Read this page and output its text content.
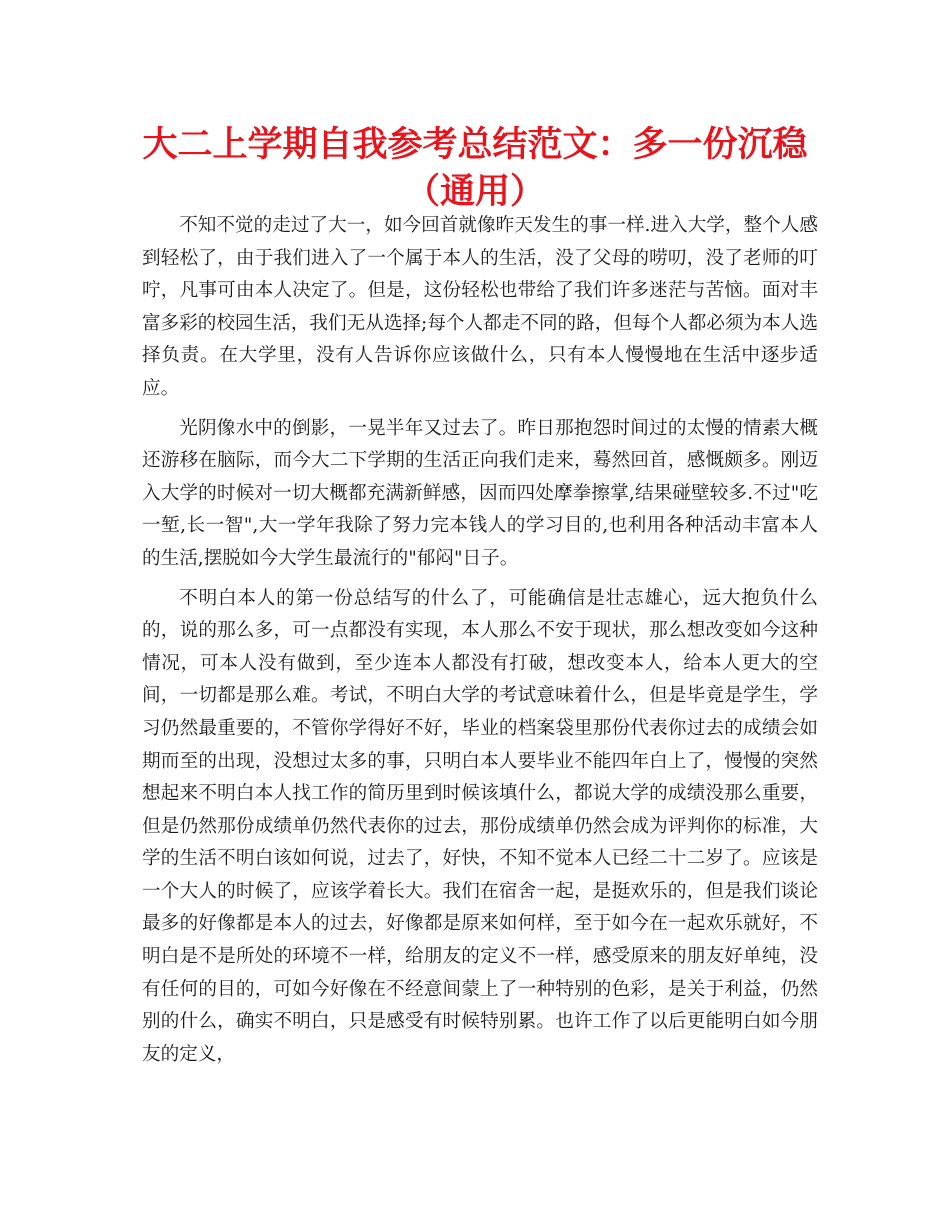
大二上学期自我参考总结范文：多一份沉稳（通用）

不知不觉的走过了大一，如今回首就像昨天发生的事一样.进入大学，整个人感到轻松了，由于我们进入了一个属于本人的生活，没了父母的唠叨，没了老师的叮咛，凡事可由本人决定了。但是，这份轻松也带给了我们许多迷茫与苦恼。面对丰富多彩的校园生活，我们无从选择;每个人都走不同的路，但每个人都必须为本人选择负责。在大学里，没有人告诉你应该做什么，只有本人慢慢地在生活中逐步适应。

光阴像水中的倒影，一晃半年又过去了。昨日那抱怨时间过的太慢的情素大概还游移在脑际，而今大二下学期的生活正向我们走来，蓦然回首，感慨颇多。刚迈入大学的时候对一切大概都充满新鲜感，因而四处摩拳擦掌,结果碰壁较多.不过"吃一堑,长一智",大一学年我除了努力完本钱人的学习目的,也利用各种活动丰富本人的生活,摆脱如今大学生最流行的"郁闷"日子。

不明白本人的第一份总结写的什么了，可能确信是壮志雄心，远大抱负什么的，说的那么多，可一点都没有实现，本人那么不安于现状，那么想改变如今这种情况，可本人没有做到，至少连本人都没有打破，想改变本人，给本人更大的空间，一切都是那么难。考试，不明白大学的考试意味着什么，但是毕竟是学生，学习仍然最重要的，不管你学得好不好，毕业的档案袋里那份代表你过去的成绩会如期而至的出现，没想过太多的事，只明白本人要毕业不能四年白上了，慢慢的突然想起来不明白本人找工作的简历里到时候该填什么，都说大学的成绩没那么重要，但是仍然那份成绩单仍然代表你的过去，那份成绩单仍然会成为评判你的标准，大学的生活不明白该如何说，过去了，好快，不知不觉本人已经二十二岁了。应该是一个大人的时候了，应该学着长大。我们在宿舍一起，是挺欢乐的，但是我们谈论最多的好像都是本人的过去，好像都是原来如何样，至于如今在一起欢乐就好，不明白是不是所处的环境不一样，给朋友的定义不一样，感受原来的朋友好单纯，没有任何的目的，可如今好像在不经意间蒙上了一种特别的色彩，是关于利益，仍然别的什么，确实不明白，只是感受有时候特别累。也许工作了以后更能明白如今朋友的定义，
